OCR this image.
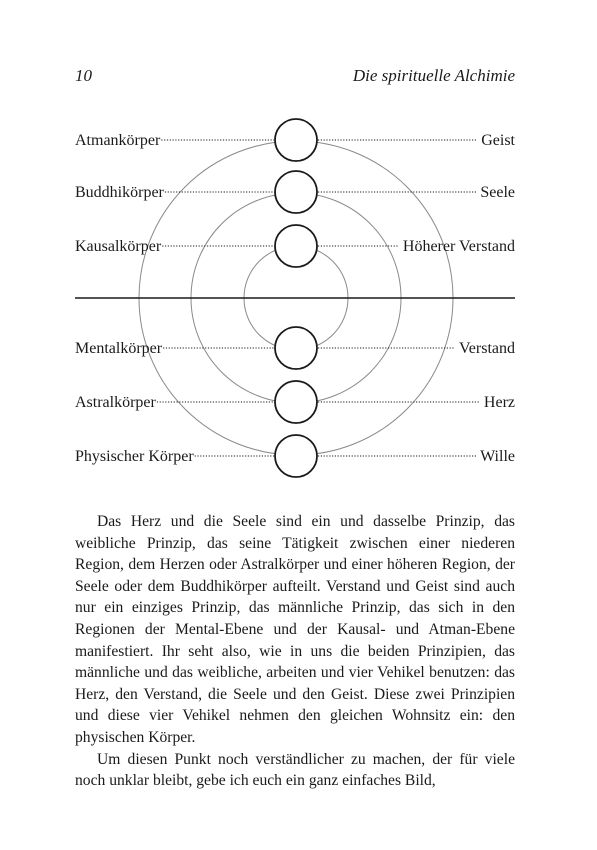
10	Die spirituelle Alchimie
Atmankörper	Geist
Buddhikörper	Seele
Kausalkörper	Höherer Verstand
Mentalkörper	Verstand
Astralkörper	Herz
Physischer Körper	Wille

Das Herz und die Seele sind ein und dasselbe Prinzip, das weibliche Prinzip, das seine Tätigkeit zwischen einer niederen Region, dem Herzen oder Astralkörper und einer höheren Region, der Seele oder dem Buddhikörper aufteilt. Verstand und Geist sind auch nur ein einziges Prinzip, das männliche Prinzip, das sich in den Regionen der Mental-Ebene und der Kausal- und Atman-Ebene manifestiert. Ihr seht also, wie in uns die beiden Prinzipien, das männliche und das weibliche, arbeiten und vier Vehikel benutzen: das Herz, den Verstand, die Seele und den Geist. Diese zwei Prinzipien und diese vier Vehikel nehmen den gleichen Wohnsitz ein: den physischen Körper.

Um diesen Punkt noch verständlicher zu machen, der für viele noch unklar bleibt, gebe ich euch ein ganz einfaches Bild,
